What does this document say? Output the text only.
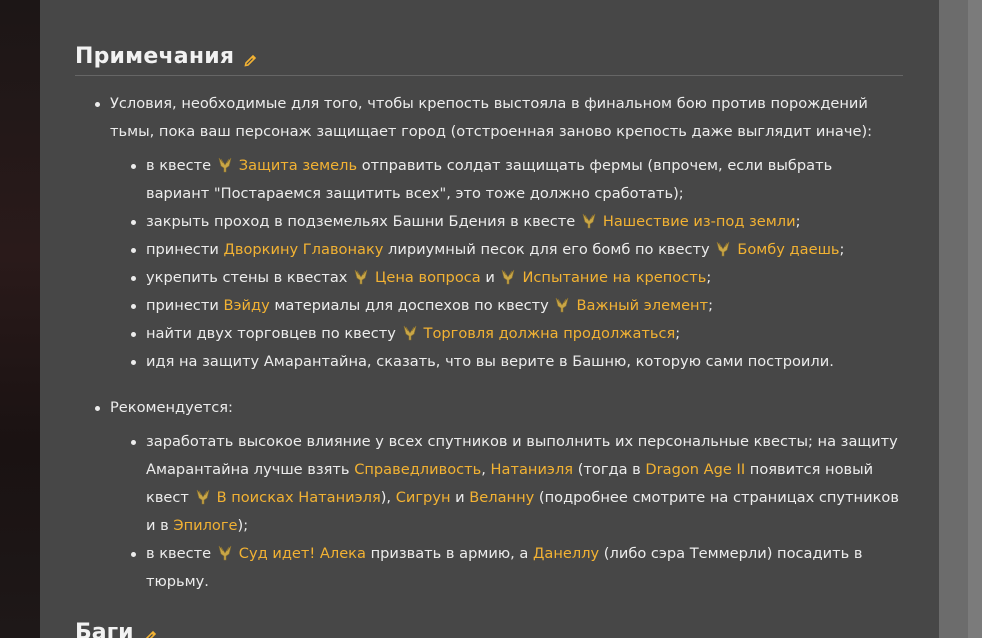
Примечания
Условия, необходимые для того, чтобы крепость выстояла в финальном бою против порождений тьмы, пока ваш персонаж защищает город (отстроенная заново крепость даже выглядит иначе):
в квесте Защита земель отправить солдат защищать фермы (впрочем, если выбрать вариант "Постараемся защитить всех", это тоже должно сработать);
закрыть проход в подземельях Башни Бдения в квесте Нашествие из-под земли;
принести Дворкину Главонаку лириумный песок для его бомб по квесту Бомбу даешь;
укрепить стены в квестах Цена вопроса и Испытание на крепость;
принести Вэйду материалы для доспехов по квесту Важный элемент;
найти двух торговцев по квесту Торговля должна продолжаться;
идя на защиту Амарантайна, сказать, что вы верите в Башню, которую сами построили.
Рекомендуется:
заработать высокое влияние у всех спутников и выполнить их персональные квесты; на защиту Амарантайна лучше взять Справедливость, Натаниэля (тогда в Dragon Age II появится новый квест В поисках Натаниэля), Сигрун и Веланну (подробнее смотрите на страницах спутников и в Эпилоге);
в квесте Суд идет! Алека призвать в армию, а Данеллу (либо сэра Теммерли) посадить в тюрьму.
Баги
